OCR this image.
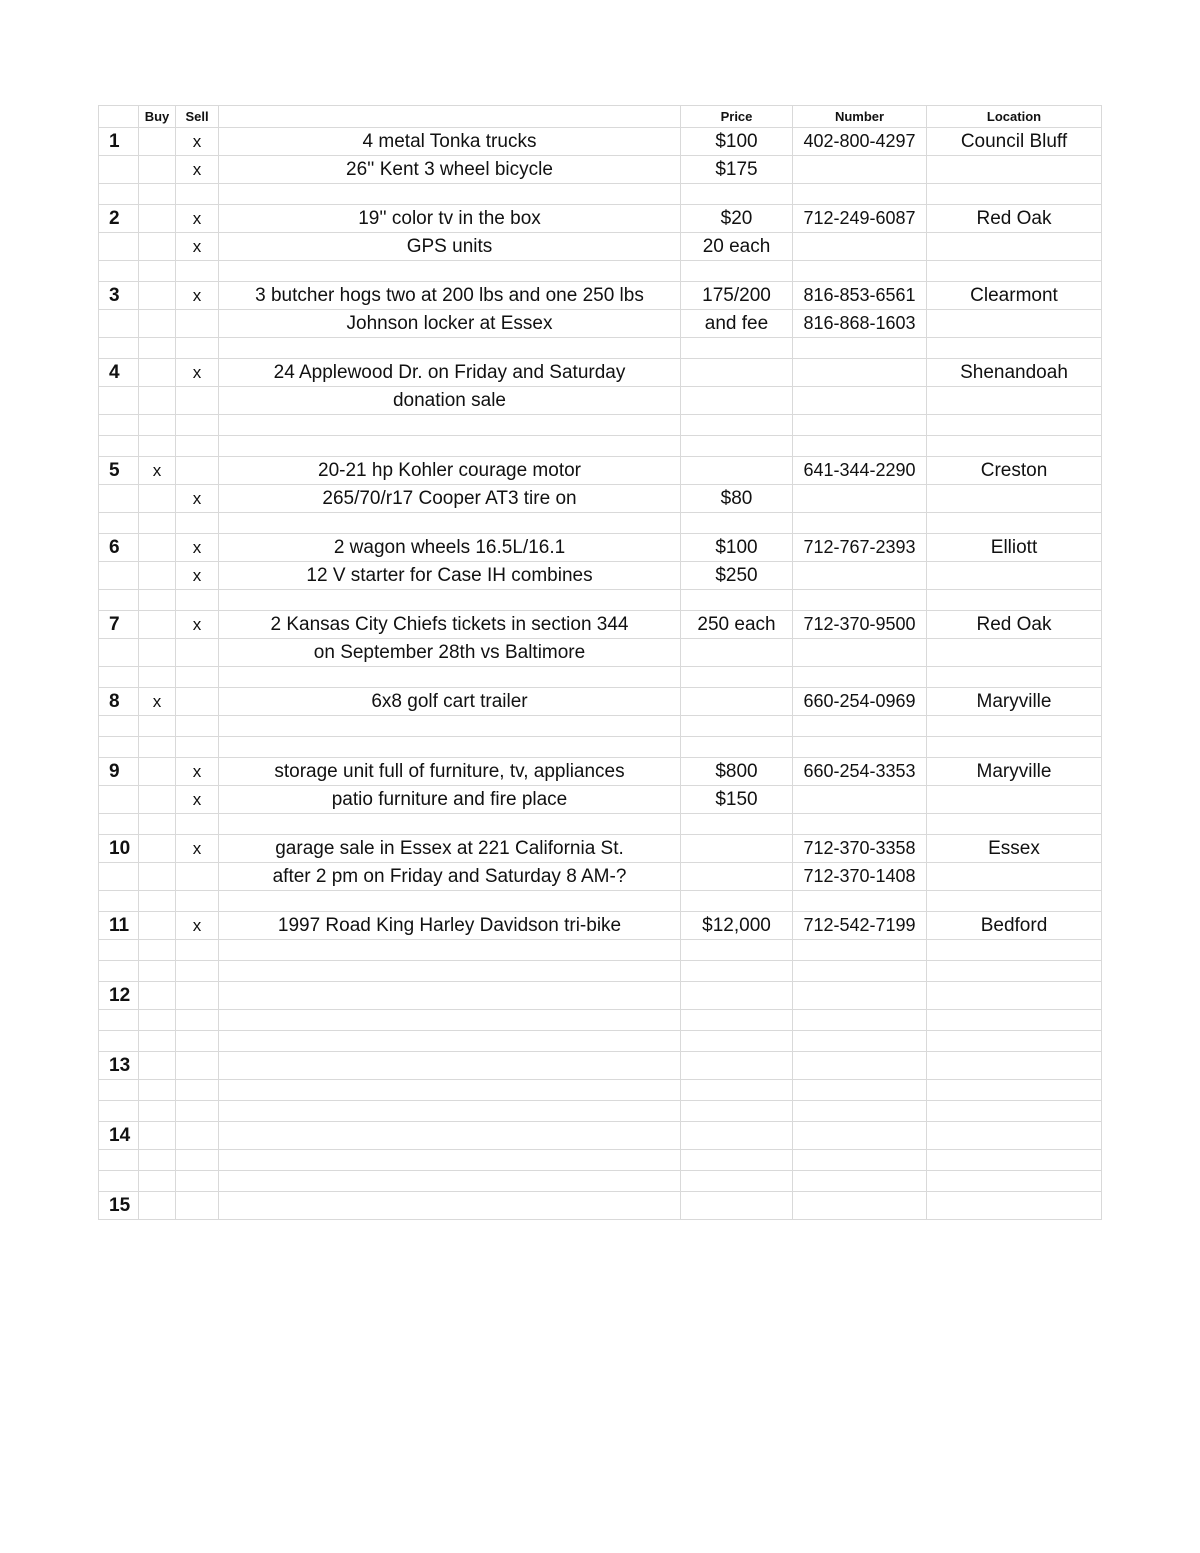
	Buy	Sell		Price	Number	Location
1		x	4 metal Tonka trucks	$100	402-800-4297	Council Bluff
		x	26'' Kent 3 wheel bicycle	$175		

2		x	19'' color tv in the box	$20	712-249-6087	Red Oak
		x	GPS units	20 each		

3		x	3 butcher hogs two at 200 lbs and one 250 lbs	175/200	816-853-6561	Clearmont
			Johnson locker at Essex	and fee	816-868-1603	

4		x	24 Applewood Dr. on Friday and Saturday			Shenandoah
			donation sale			

5	x		20-21 hp Kohler courage motor		641-344-2290	Creston
		x	265/70/r17 Cooper AT3 tire on	$80		

6		x	2 wagon wheels 16.5L/16.1	$100	712-767-2393	Elliott
		x	12 V starter for Case IH combines	$250		

7		x	2 Kansas City Chiefs tickets in section 344	250 each	712-370-9500	Red Oak
			on September 28th vs Baltimore			

8	x		6x8 golf cart trailer		660-254-0969	Maryville

9		x	storage unit full of furniture, tv, appliances	$800	660-254-3353	Maryville
		x	patio furniture and fire place	$150		

10		x	garage sale in Essex at 221 California St.		712-370-3358	Essex
			after 2 pm on Friday and Saturday 8 AM-?		712-370-1408	

11		x	1997 Road King Harley Davidson tri-bike	$12,000	712-542-7199	Bedford

12						

13						

14						

15						
